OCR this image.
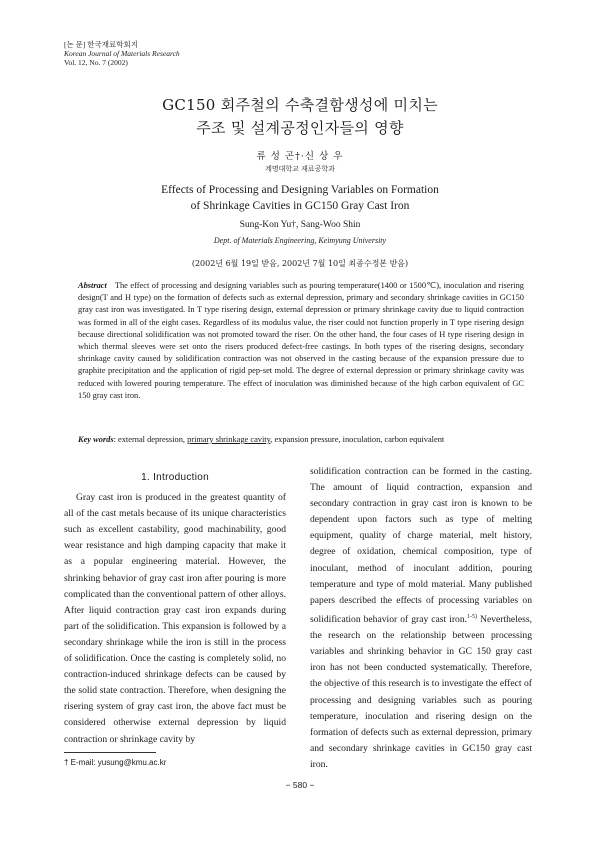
[논 문] 한국재료학회지
Korean Journal of Materials Research
Vol. 12, No. 7 (2002)
GC150 회주철의 수축결함생성에 미치는
주조 및 설계공정인자들의 영향
류 성 곤†·신 상 우
계명대학교 재료공학과
Effects of Processing and Designing Variables on Formation
of Shrinkage Cavities in GC150 Gray Cast Iron
Sung-Kon Yu†, Sang-Woo Shin
Dept. of Materials Engineering, Keimyung University
(2002년 6월 19일 받음, 2002년 7월 10일 최종수정본 받음)
Abstract The effect of processing and designing variables such as pouring temperature(1400 or 1500℃), inoculation and risering design(T and H type) on the formation of defects such as external depression, primary and secondary shrinkage cavities in GC150 gray cast iron was investigated. In T type risering design, external depression or primary shrinkage cavity due to liquid contraction was formed in all of the eight cases. Regardless of its modulus value, the riser could not function properly in T type risering design because directional solidification was not promoted toward the riser. On the other hand, the four cases of H type risering design in which thermal sleeves were set onto the risers produced defect-free castings. In both types of the risering designs, secondary shrinkage cavity caused by solidification contraction was not observed in the casting because of the expansion pressure due to graphite precipitation and the application of rigid pep-set mold. The degree of external depression or primary shrinkage cavity was reduced with lowered pouring temperature. The effect of inoculation was diminished because of the high carbon equivalent of GC 150 gray cast iron.
Key words: external depression, primary shrinkage cavity, expansion pressure, inoculation, carbon equivalent
1. Introduction

Gray cast iron is produced in the greatest quantity of all of the cast metals because of its unique characteristics such as excellent castability, good machinability, good wear resistance and high damping capacity that make it as a popular engineering material. However, the shrinking behavior of gray cast iron after pouring is more complicated than the conventional pattern of other alloys. After liquid contraction gray cast iron expands during part of the solidification. This expansion is followed by a secondary shrinkage while the iron is still in the process of solidification. Once the casting is completely solid, no contraction-induced shrinkage defects can be caused by the solid state contraction. Therefore, when designing the risering system of gray cast iron, the above fact must be considered otherwise external depression by liquid contraction or shrinkage cavity by

solidification contraction can be formed in the casting. The amount of liquid contraction, expansion and secondary contraction in gray cast iron is known to be dependent upon factors such as type of melting equipment, quality of charge material, melt history, degree of oxidation, chemical composition, type of inoculant, method of inoculant addition, pouring temperature and type of mold material. Many published papers described the effects of processing variables on solidification behavior of gray cast iron.$^{1-5)}$ Nevertheless, the research on the relationship between processing variables and shrinking behavior in GC 150 gray cast iron has not been conducted systematically. Therefore, the objective of this research is to investigate the effect of processing and designing variables such as pouring temperature, inoculation and risering design on the formation of defects such as external depression, primary and secondary shrinkage cavities in GC150 gray cast iron.

† E-mail: yusung@kmu.ac.kr
− 580 −
